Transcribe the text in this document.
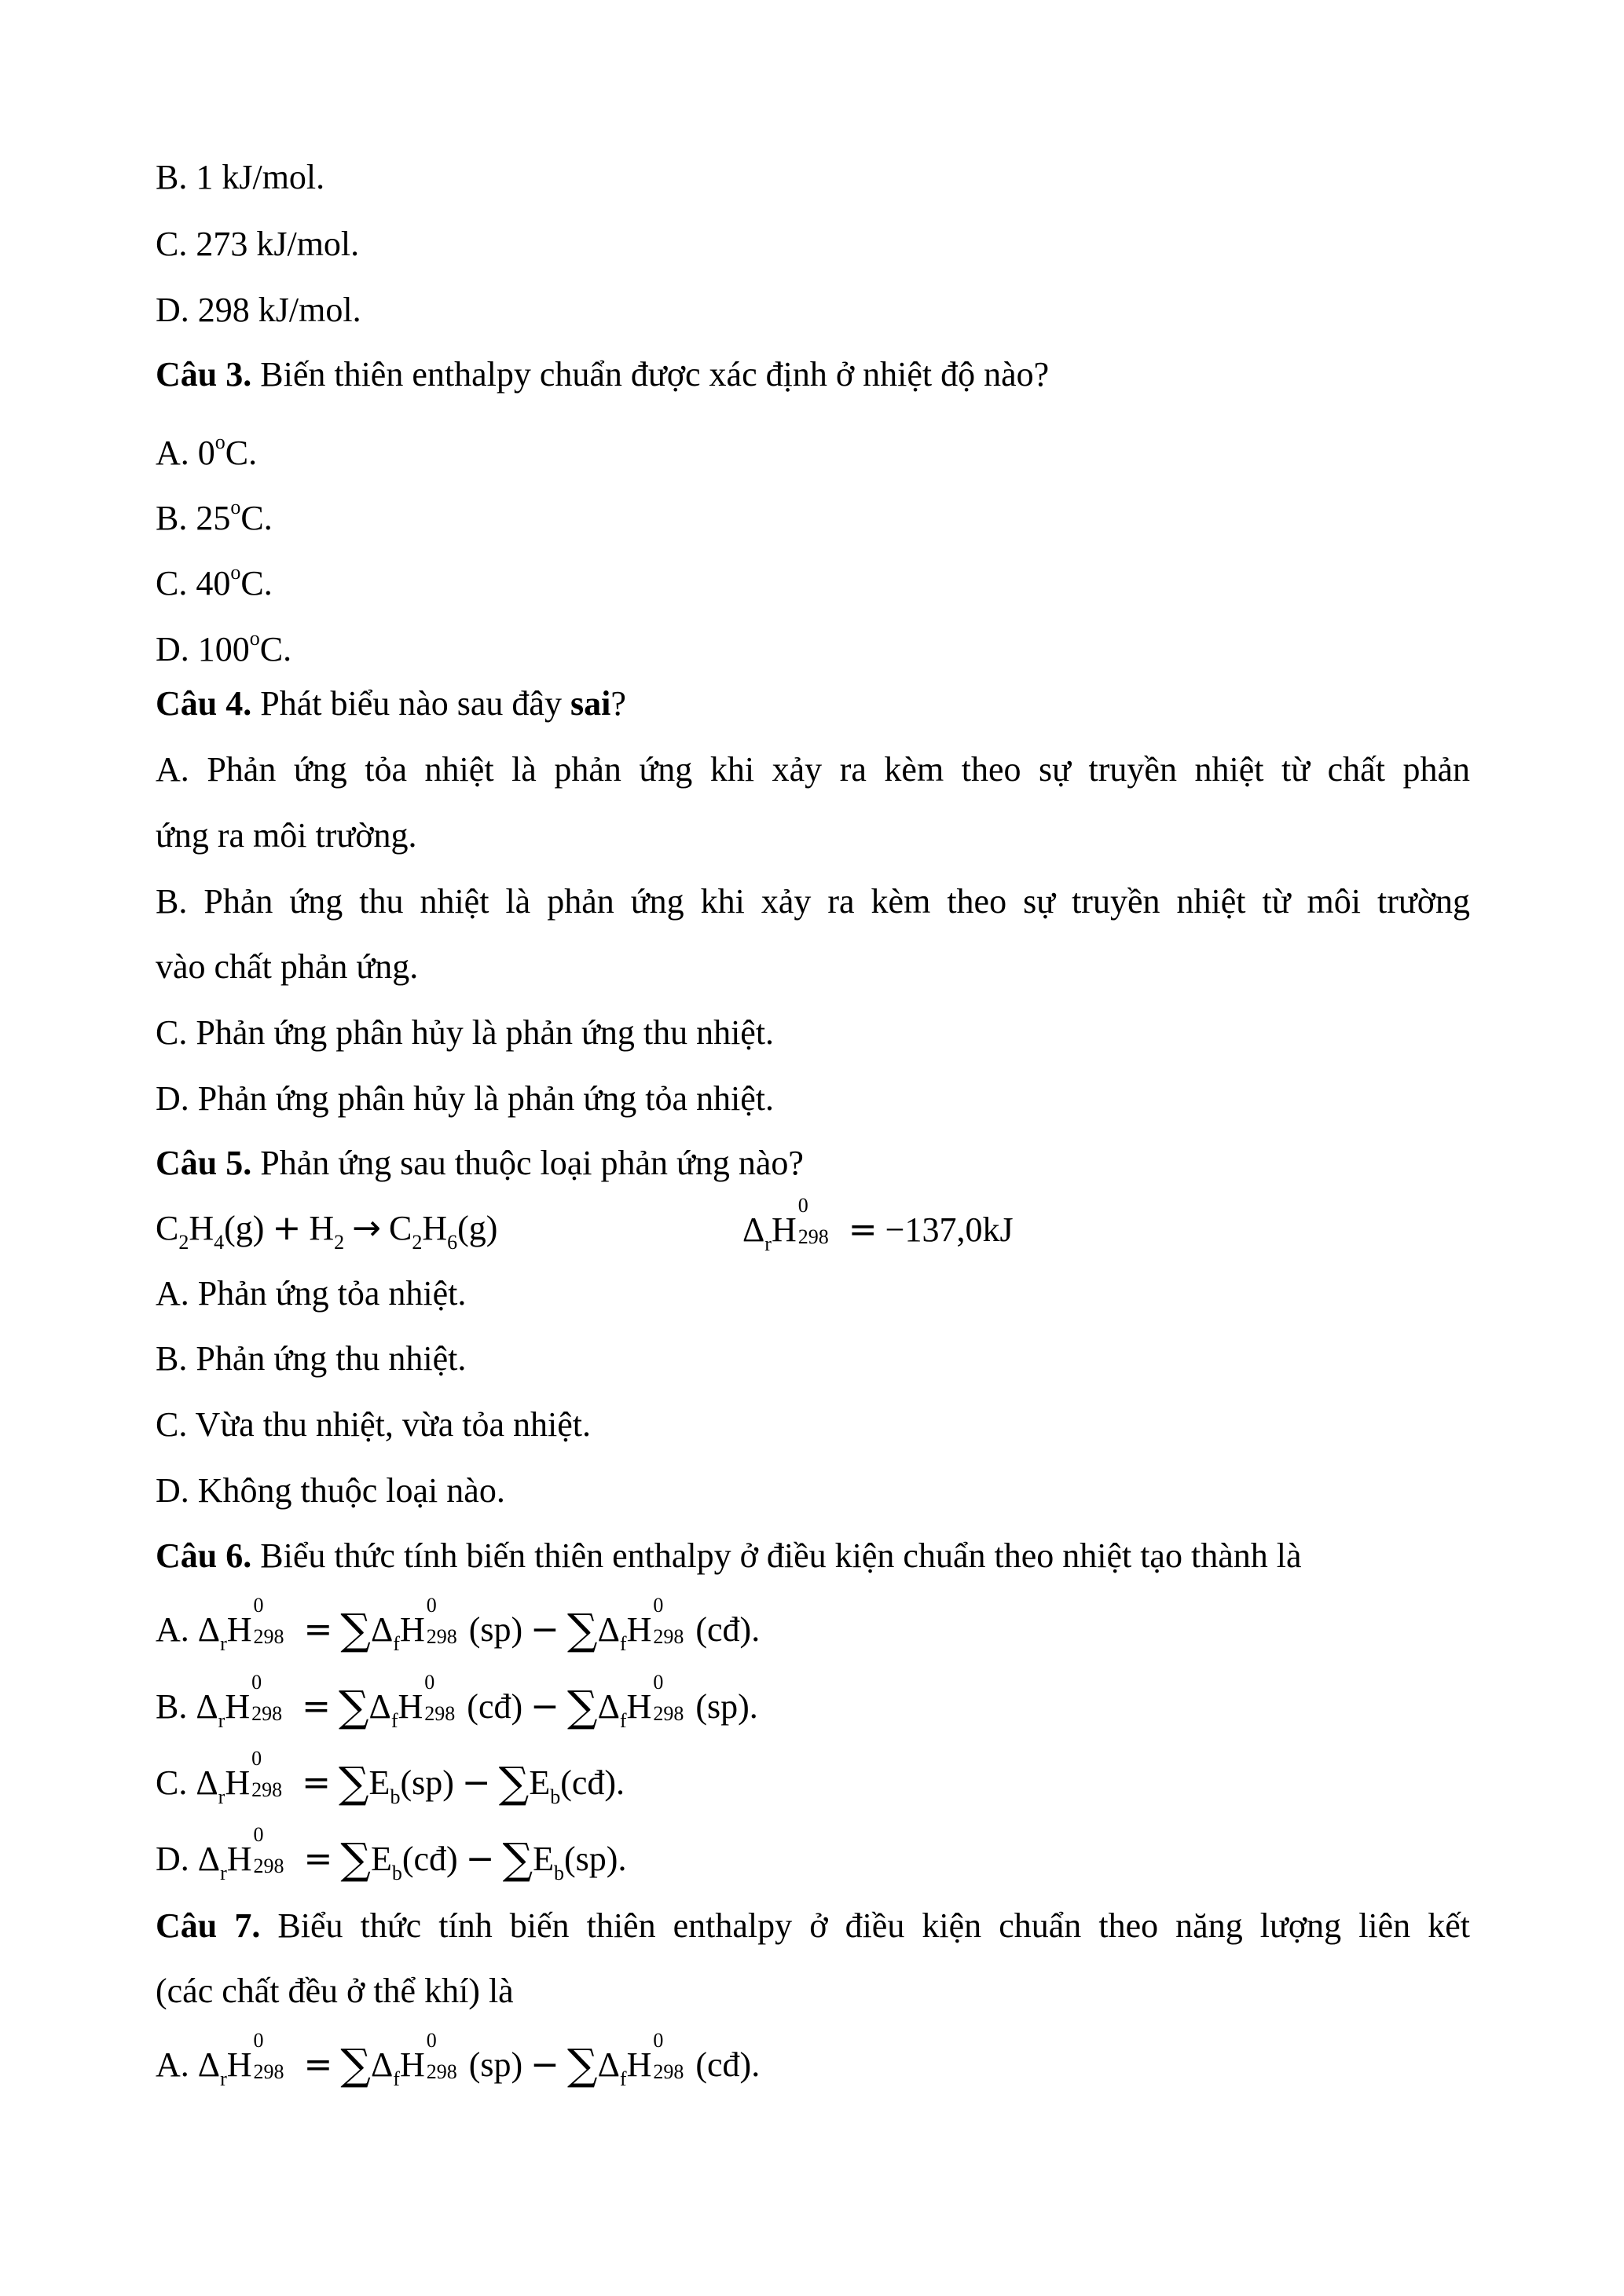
B. 1 kJ/mol.
C. 273 kJ/mol.
D. 298 kJ/mol.
Câu 3. Biến thiên enthalpy chuẩn được xác định ở nhiệt độ nào?
A. 0$^o$C.
B. 25$^o$C.
C. 40$^o$C.
D. 100$^o$C.
Câu 4. Phát biểu nào sau đây sai?
A. Phản ứng tỏa nhiệt là phản ứng khi xảy ra kèm theo sự truyền nhiệt từ chất phản
ứng ra môi trường.
B. Phản ứng thu nhiệt là phản ứng khi xảy ra kèm theo sự truyền nhiệt từ môi trường
vào chất phản ứng.
C. Phản ứng phân hủy là phản ứng thu nhiệt.
D. Phản ứng phân hủy là phản ứng tỏa nhiệt.
Câu 5. Phản ứng sau thuộc loại phản ứng nào?
$C_2H_4(g) + H_2 \to C_2H_6(g)$	$\Delta_rH$
0
298 = −137,0kJ
A. Phản ứng tỏa nhiệt.
B. Phản ứng thu nhiệt.
C. Vừa thu nhiệt, vừa tỏa nhiệt.
D. Không thuộc loại nào.
Câu 6. Biểu thức tính biến thiên enthalpy ở điều kiện chuẩn theo nhiệt tạo thành là
A. $\Delta_rH$
0
$298 = \sum\Delta_fH$
0
298 $(sp) - \sum\Delta_fH$
0
298 (cđ).
B. $\Delta_rH$
0
$298 = \sum\Delta_fH$
0
298 (cđ) − $\sum\Delta_fH$
0
298 (sp).
C. $\Delta_rH$
0
$298 = \sum E_b(sp)$ − $\sum E_b(cđ)$.
D. $\Delta_rH$
0
$298 = \sum E_b(cđ) - \sum E_b(sp)$.
Câu 7. Biểu thức tính biến thiên enthalpy ở điều kiện chuẩn theo năng lượng liên kết
(các chất đều ở thể khí) là
A. $\Delta_rH$
0
$298 = \sum\Delta_fH$
0
298 $(sp) - \sum\Delta_fH$
0
298 (cđ).
